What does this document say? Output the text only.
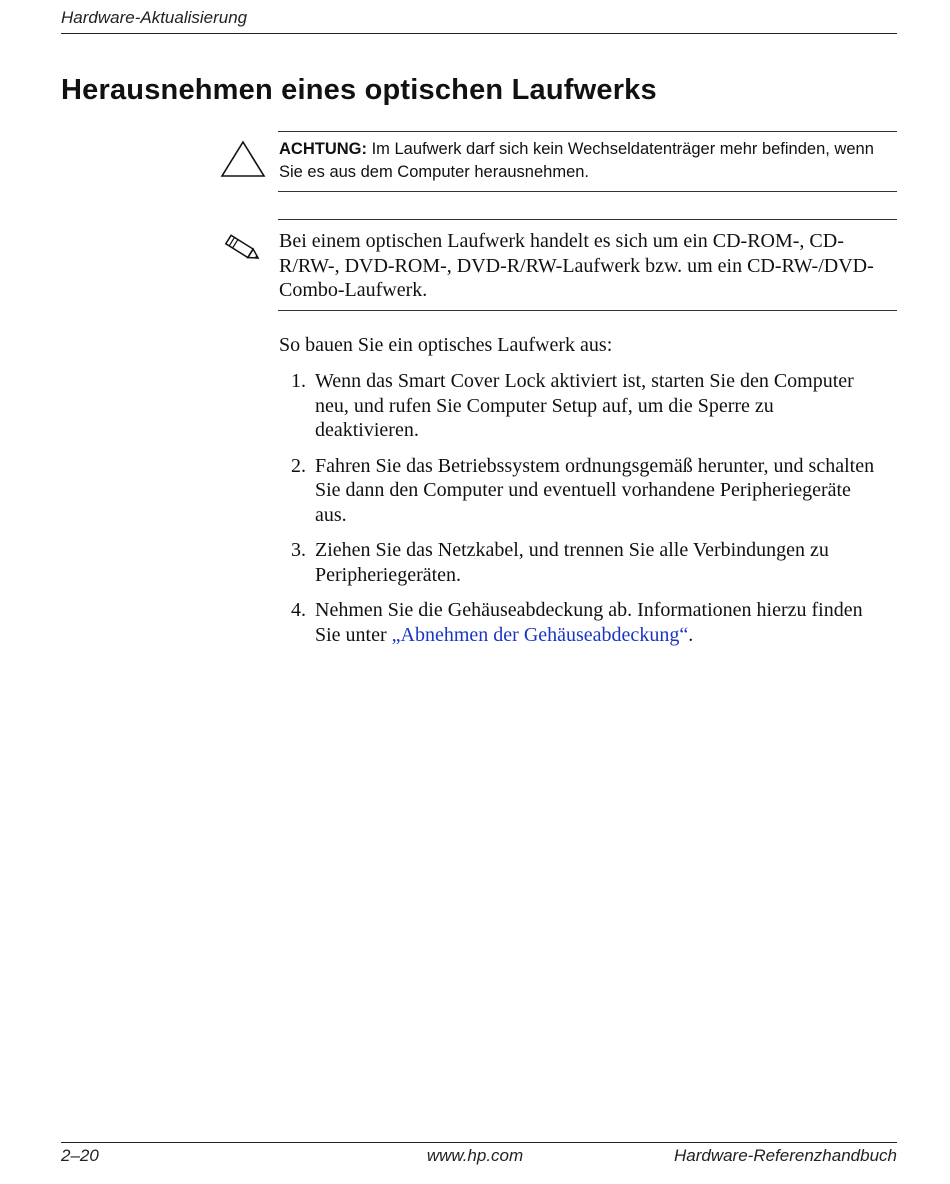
Hardware-Aktualisierung
Herausnehmen eines optischen Laufwerks
ACHTUNG: Im Laufwerk darf sich kein Wechseldatenträger mehr befinden, wenn Sie es aus dem Computer herausnehmen.
Bei einem optischen Laufwerk handelt es sich um ein CD-ROM-, CD-R/RW-, DVD-ROM-, DVD-R/RW-Laufwerk bzw. um ein CD-RW-/DVD-Combo-Laufwerk.
So bauen Sie ein optisches Laufwerk aus:
1. Wenn das Smart Cover Lock aktiviert ist, starten Sie den Computer neu, und rufen Sie Computer Setup auf, um die Sperre zu deaktivieren.
2. Fahren Sie das Betriebssystem ordnungsgemäß herunter, und schalten Sie dann den Computer und eventuell vorhandene Peripheriegeräte aus.
3. Ziehen Sie das Netzkabel, und trennen Sie alle Verbindungen zu Peripheriegeräten.
4. Nehmen Sie die Gehäuseabdeckung ab. Informationen hierzu finden Sie unter „Abnehmen der Gehäuseabdeckung“.
2–20	www.hp.com	Hardware-Referenzhandbuch
